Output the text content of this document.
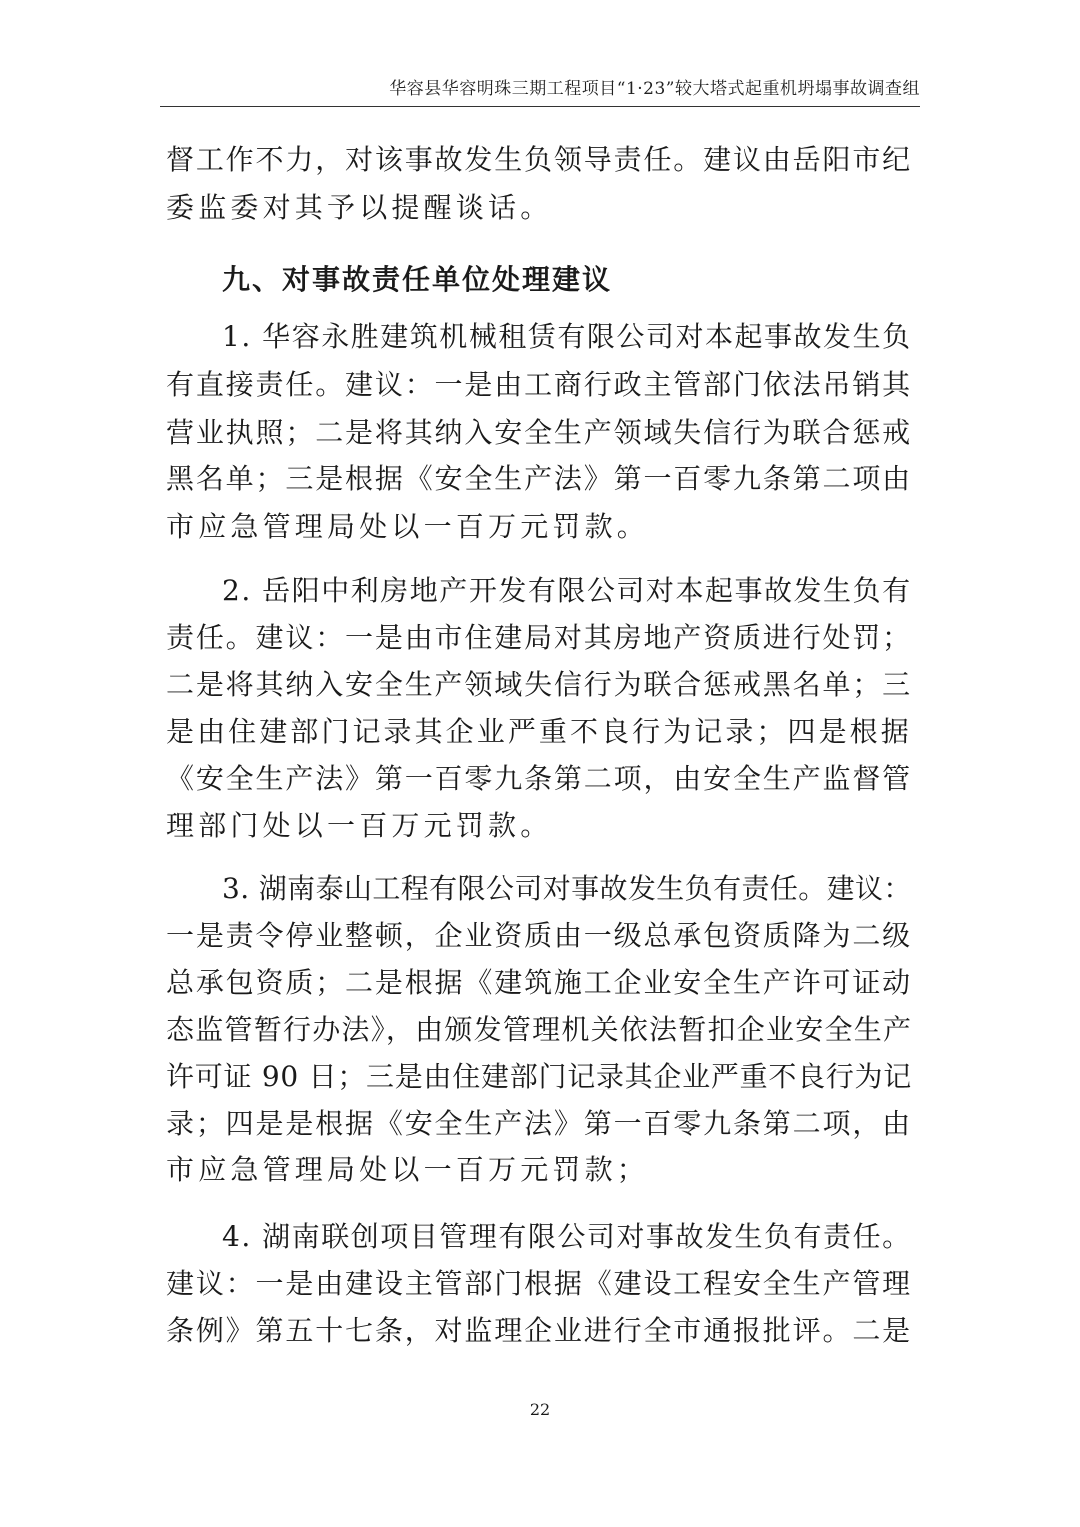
华容县华容明珠三期工程项目“1·23”较大塔式起重机坍塌事故调查组
督工作不力，对该事故发生负领导责任。建议由岳阳市纪
委监委对其予以提醒谈话。
九、对事故责任单位处理建议
1. 华容永胜建筑机械租赁有限公司对本起事故发生负
有直接责任。建议：一是由工商行政主管部门依法吊销其
营业执照；二是将其纳入安全生产领域失信行为联合惩戒
黑名单；三是根据《安全生产法》第一百零九条第二项由
市应急管理局处以一百万元罚款。
2. 岳阳中利房地产开发有限公司对本起事故发生负有
责任。建议：一是由市住建局对其房地产资质进行处罚；
二是将其纳入安全生产领域失信行为联合惩戒黑名单；三
是由住建部门记录其企业严重不良行为记录；四是根据
《安全生产法》第一百零九条第二项，由安全生产监督管
理部门处以一百万元罚款。
3. 湖南泰山工程有限公司对事故发生负有责任。建议：
一是责令停业整顿，企业资质由一级总承包资质降为二级
总承包资质；二是根据《建筑施工企业安全生产许可证动
态监管暂行办法》，由颁发管理机关依法暂扣企业安全生产
许可证 90 日；三是由住建部门记录其企业严重不良行为记
录；四是是根据《安全生产法》第一百零九条第二项，由
市应急管理局处以一百万元罚款；
4. 湖南联创项目管理有限公司对事故发生负有责任。
建议：一是由建设主管部门根据《建设工程安全生产管理
条例》第五十七条，对监理企业进行全市通报批评。二是
22
